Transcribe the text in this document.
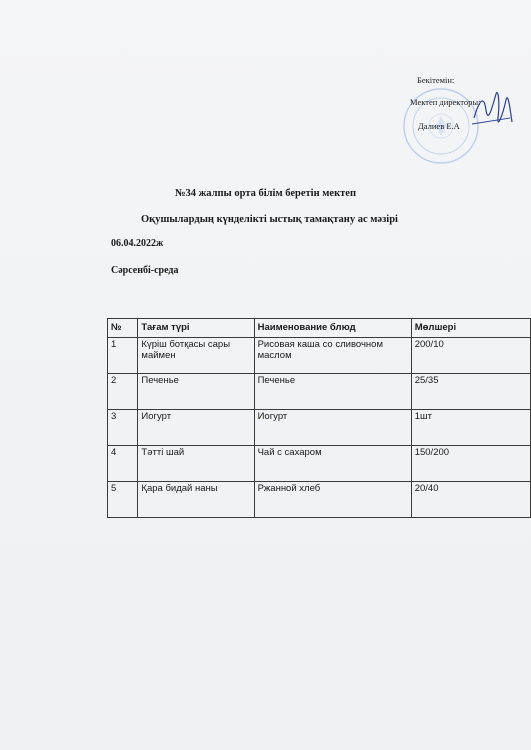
Бекітемін:
Мектеп директоры:
Далиев Е.А
№34 жалпы орта білім беретін мектеп
Оқушылардың күнделікті ыстық тамақтану ас мәзірі
06.04.2022ж
Сәрсенбі-среда
№	Тағам түрі	Наименование блюд	Мөлшері
1	Күріш ботқасы сары маймен	Рисовая каша со сливочном маслом	200/10
2	Печенье	Печенье	25/35
3	Иогурт	Иогурт	1шт
4	Тәтті шай	Чай с сахаром	150/200
5	Қара бидай наны	Ржанной хлеб	20/40
